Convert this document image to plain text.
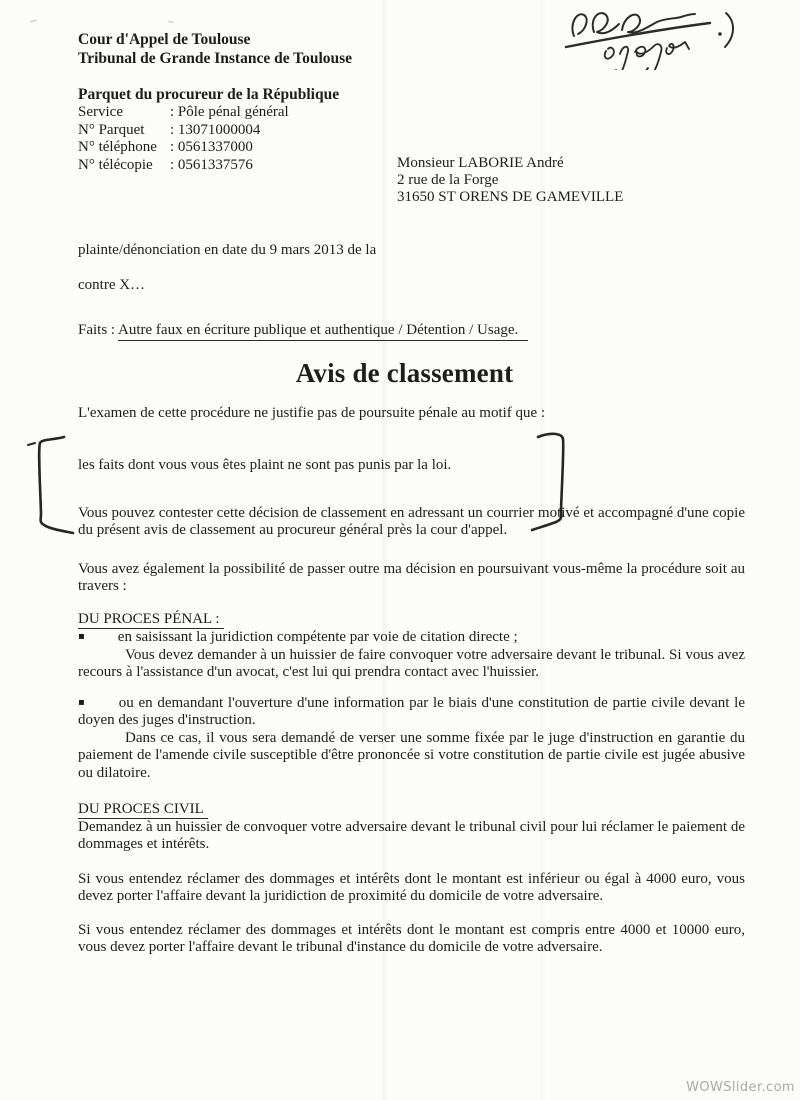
Monsieur LABORIE André
2 rue de la Forge
31650 ST ORENS DE GAMEVILLE
Cour d'Appel de Toulouse
Tribunal de Grande Instance de Toulouse
Parquet du procureur de la République

Service	: Pôle pénal général

N° Parquet : 13071000004

N° téléphone : 0561337000

N° télécopie : 0561337576

plainte/dénonciation en date du 9 mars 2013 de la

contre X…

Faits : Autre faux en écriture publique et authentique / Détention / Usage.

Avis de classement

L'examen de cette procédure ne justifie pas de poursuite pénale au motif que :

les faits dont vous vous êtes plaint ne sont pas punis par la loi.

Vous pouvez contester cette décision de classement en adressant un courrier motivé et accompagné d'une copie du présent avis de classement au procureur général près la cour d'appel.

Vous avez également la possibilité de passer outre ma décision en poursuivant vous-même la procédure soit au travers :

DU PROCES PÉNAL :

▪ en saisissant la juridiction compétente par voie de citation directe ;

Vous devez demander à un huissier de faire convoquer votre adversaire devant le tribunal. Si vous avez recours à l'assistance d'un avocat, c'est lui qui prendra contact avec l'huissier.

▪ ou en demandant l'ouverture d'une information par le biais d'une constitution de partie civile devant le doyen des juges d'instruction.

Dans ce cas, il vous sera demandé de verser une somme fixée par le juge d'instruction en garantie du paiement de l'amende civile susceptible d'être prononcée si votre constitution de partie civile est jugée abusive ou dilatoire.

DU PROCES CIVIL

Demandez à un huissier de convoquer votre adversaire devant le tribunal civil pour lui réclamer le paiement de dommages et intérêts.

Si vous entendez réclamer des dommages et intérêts dont le montant est inférieur ou égal à 4000 euro, vous devez porter l'affaire devant la juridiction de proximité du domicile de votre adversaire.

Si vous entendez réclamer des dommages et intérêts dont le montant est compris entre 4000 et 10000 euro, vous devez porter l'affaire devant le tribunal d'instance du domicile de votre adversaire.

WOWSlider.com
